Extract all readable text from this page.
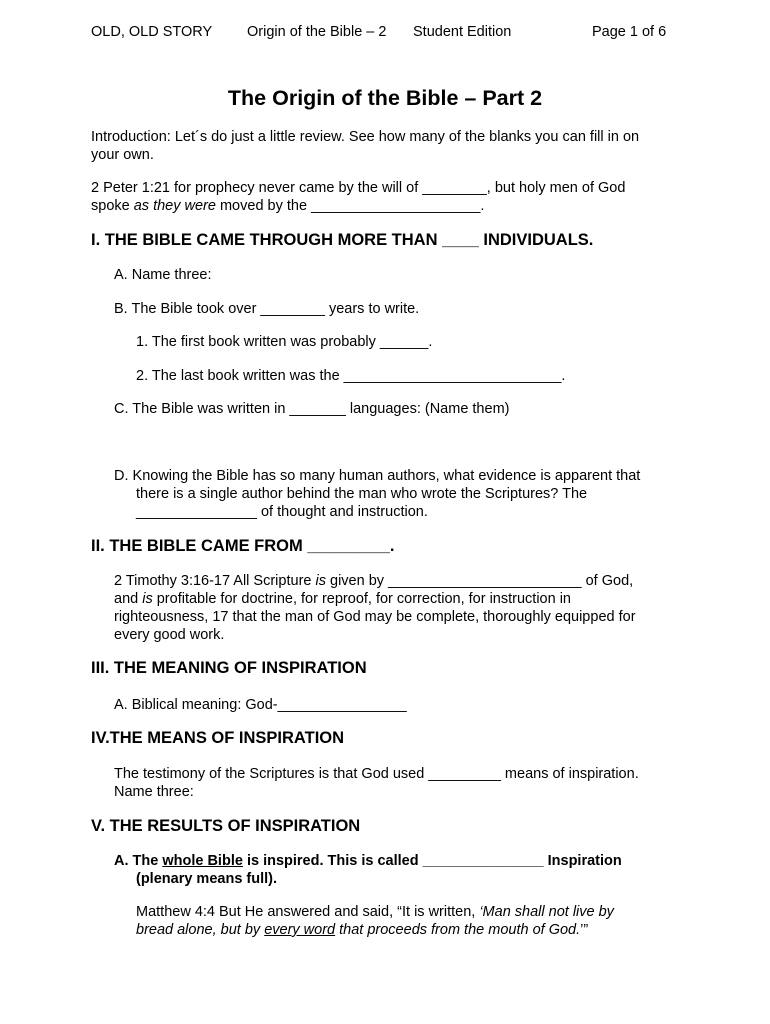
OLD, OLD STORY Origin of the Bible – 2 Student Edition	Page 1 of 6
The Origin of the Bible – Part 2
Introduction: Let´s do just a little review. See how many of the blanks you can fill in on
your own.
2 Peter 1:21 for prophecy never came by the will of ________, but holy men of God
spoke as they were moved by the _____________________.
I. THE BIBLE CAME THROUGH MORE THAN ____ INDIVIDUALS.
A. Name three:
B. The Bible took over ________ years to write.
1. The first book written was probably ______.
2. The last book written was the ___________________________.
C. The Bible was written in _______ languages: (Name them)
D. Knowing the Bible has so many human authors, what evidence is apparent that
there is a single author behind the man who wrote the Scriptures? The
_______________ of thought and instruction.
II. THE BIBLE CAME FROM _________.
2 Timothy 3:16-17 All Scripture is given by ________________________ of God,
and is profitable for doctrine, for reproof, for correction, for instruction in
righteousness, 17 that the man of God may be complete, thoroughly equipped for
every good work.
III. THE MEANING OF INSPIRATION
A. Biblical meaning: God-________________
IV.THE MEANS OF INSPIRATION
The testimony of the Scriptures is that God used _________ means of inspiration.
Name three:
V. THE RESULTS OF INSPIRATION
A. The whole Bible is inspired. This is called _______________ Inspiration
(plenary means full).
Matthew 4:4 But He answered and said, “It is written, ‘Man shall not live by
bread alone, but by every word that proceeds from the mouth of God.’”
